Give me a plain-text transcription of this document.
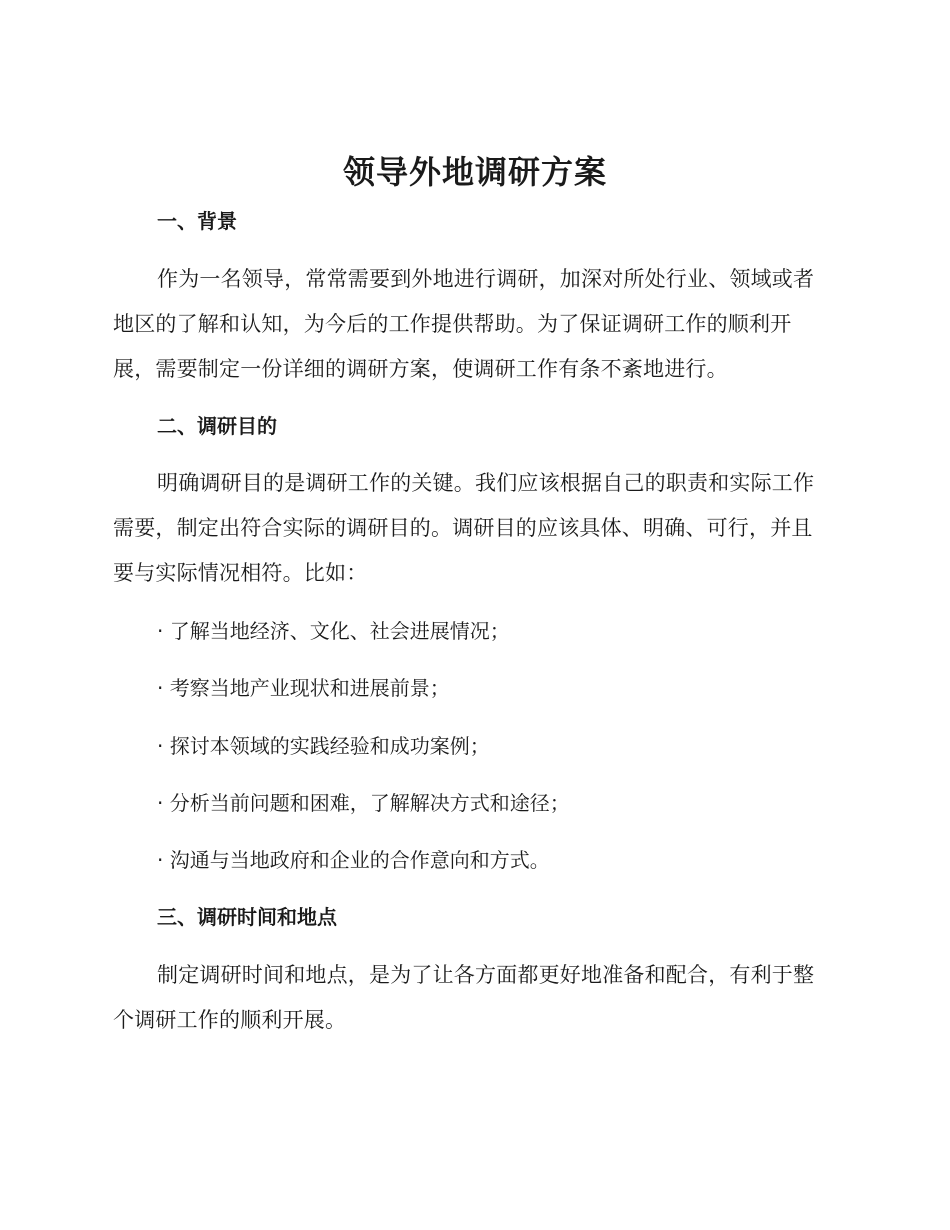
领导外地调研方案
一、背景

作为一名领导，常常需要到外地进行调研，加深对所处行业、领域或者
地区的了解和认知，为今后的工作提供帮助。为了保证调研工作的顺利开
展，需要制定一份详细的调研方案，使调研工作有条不紊地进行。

二、调研目的

明确调研目的是调研工作的关键。我们应该根据自己的职责和实际工作
需要，制定出符合实际的调研目的。调研目的应该具体、明确、可行，并且
要与实际情况相符。比如：

· 了解当地经济、文化、社会进展情况；

· 考察当地产业现状和进展前景；

· 探讨本领域的实践经验和成功案例；

· 分析当前问题和困难，了解解决方式和途径；

· 沟通与当地政府和企业的合作意向和方式。

三、调研时间和地点

制定调研时间和地点，是为了让各方面都更好地准备和配合，有利于整
个调研工作的顺利开展。
